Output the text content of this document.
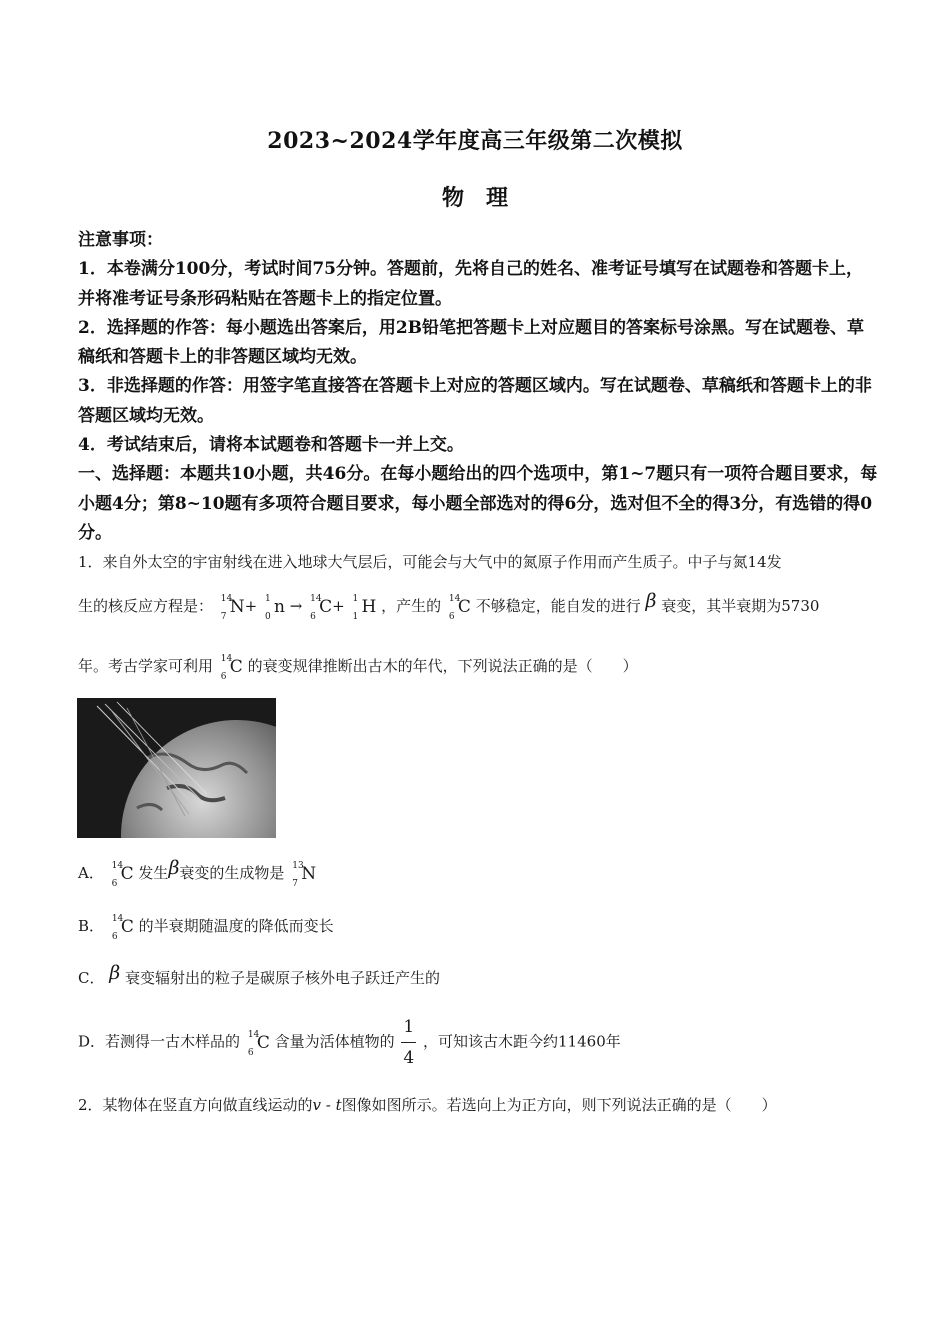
2023~2024学年度高三年级第二次模拟
物理

注意事项：

1．本卷满分100分，考试时间75分钟。答题前，先将自己的姓名、准考证号填写在试题卷和答题卡上，并将准考证号条形码粘贴在答题卡上的指定位置。

2．选择题的作答：每小题选出答案后，用2B铅笔把答题卡上对应题目的答案标号涂黑。写在试题卷、草稿纸和答题卡上的非答题区域均无效。

3．非选择题的作答：用签字笔直接答在答题卡上对应的答题区域内。写在试题卷、草稿纸和答题卡上的非答题区域均无效。

4．考试结束后，请将本试题卷和答题卡一并上交。

一、选择题：本题共10小题，共46分。在每小题给出的四个选项中，第1~7题只有一项符合题目要求，每小题4分；第8~10题有多项符合题目要求，每小题全部选对的得6分，选对但不全的得3分，有选错的得0分。

1．来自外太空的宇宙射线在进入地球大气层后，可能会与大气中的氮原子作用而产生质子。中子与氮14发
生的核反应方程是： 14
7 N+ 1
0 n → 14
6 C+ 1
1 H ，产生的 14
6 C 不够稳定，能自发的进行 β 衰变，其半衰期为5730
年。考古学家可利用 14
6 C 的衰变规律推断出古木的年代，下列说法正确的是（　　）
A． 14
6 C 发生β衰变的生成物是 13
7 N
B． 14
6 C 的半衰期随温度的降低而变长
C． β 衰变辐射出的粒子是碳原子核外电子跃迁产生的
D．若测得一古木样品的 14
6 C 含量为活体植物的 $\frac{1}{4}$ ，可知该古木距今约11460年
2．某物体在竖直方向做直线运动的v - t图像如图所示。若选向上为正方向，则下列说法正确的是（　　）
